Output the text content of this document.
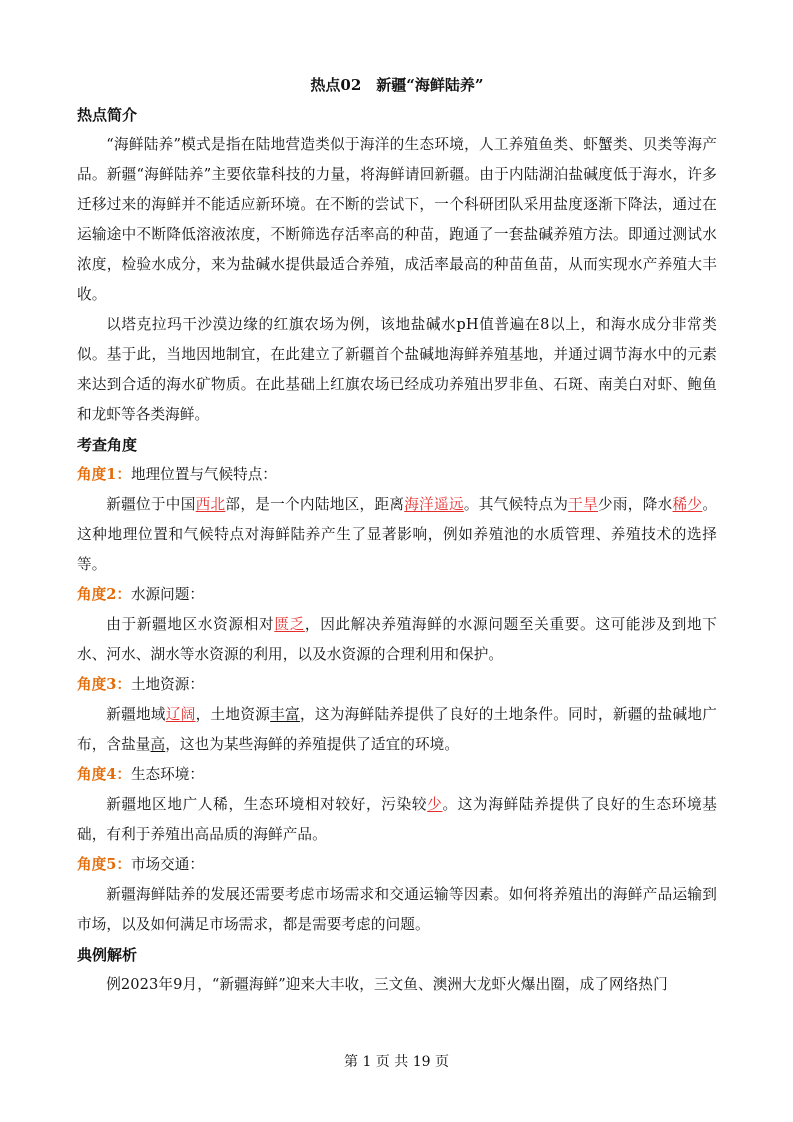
热点02　新疆“海鲜陆养”
热点简介

“海鲜陆养”模式是指在陆地营造类似于海洋的生态环境，人工养殖鱼类、虾蟹类、贝类等海产品。新疆“海鲜陆养”主要依靠科技的力量，将海鲜请回新疆。由于内陆湖泊盐碱度低于海水，许多迁移过来的海鲜并不能适应新环境。在不断的尝试下，一个科研团队采用盐度逐渐下降法，通过在运输途中不断降低溶液浓度，不断筛选存活率高的种苗，跑通了一套盐碱养殖方法。即通过测试水浓度，检验水成分，来为盐碱水提供最适合养殖，成活率最高的种苗鱼苗，从而实现水产养殖大丰收。

以塔克拉玛干沙漠边缘的红旗农场为例，该地盐碱水pH值普遍在8以上，和海水成分非常类似。基于此，当地因地制宜，在此建立了新疆首个盐碱地海鲜养殖基地，并通过调节海水中的元素来达到合适的海水矿物质。在此基础上红旗农场已经成功养殖出罗非鱼、石斑、南美白对虾、鲍鱼和龙虾等各类海鲜。

考查角度
角度1：地理位置与气候特点：

新疆位于中国西北部，是一个内陆地区，距离海洋遥远。其气候特点为干旱少雨，降水稀少。这种地理位置和气候特点对海鲜陆养产生了显著影响，例如养殖池的水质管理、养殖技术的选择等。

角度2：水源问题：

由于新疆地区水资源相对匮乏，因此解决养殖海鲜的水源问题至关重要。这可能涉及到地下水、河水、湖水等水资源的利用，以及水资源的合理利用和保护。

角度3：土地资源：

新疆地域辽阔，土地资源丰富，这为海鲜陆养提供了良好的土地条件。同时，新疆的盐碱地广布，含盐量高，这也为某些海鲜的养殖提供了适宜的环境。

角度4：生态环境：

新疆地区地广人稀，生态环境相对较好，污染较少。这为海鲜陆养提供了良好的生态环境基础，有利于养殖出高品质的海鲜产品。

角度5：市场交通：

新疆海鲜陆养的发展还需要考虑市场需求和交通运输等因素。如何将养殖出的海鲜产品运输到市场，以及如何满足市场需求，都是需要考虑的问题。

典例解析

例2023年9月，“新疆海鲜”迎来大丰收，三文鱼、澳洲大龙虾火爆出圈，成了网络热门

第 1 页 共 19 页
